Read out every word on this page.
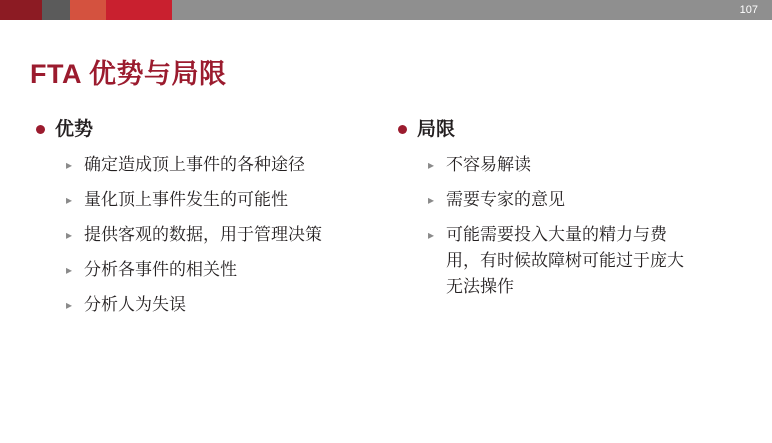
107
FTA 优势与局限
优势
▸ 确定造成顶上事件的各种途径
▸ 量化顶上事件发生的可能性
▸ 提供客观的数据，用于管理决策
▸ 分析各事件的相关性
▸ 分析人为失误
局限
▸ 不容易解读
▸ 需要专家的意见
▸ 可能需要投入大量的精力与费用，有时候故障树可能过于庞大无法操作
